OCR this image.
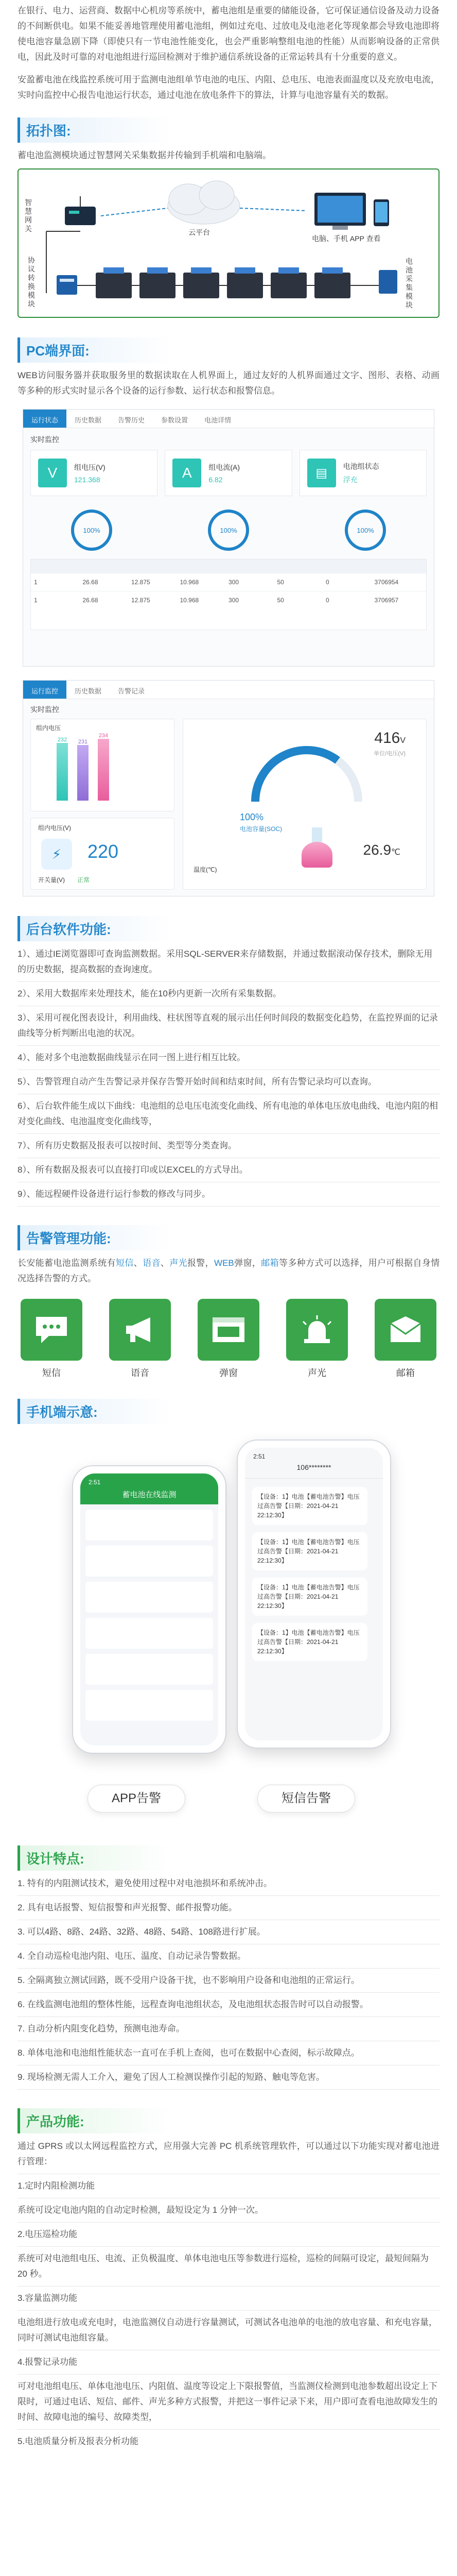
在银行、电力、运营商、数据中心机房等系统中，蓄电池组是重要的储能设备，它可保证通信设备及动力设备的不间断供电。如果不能妥善地管理使用蓄电池组，例如过充电、过放电及电池老化等现象都会导致电池即将使电池容量急剧下降（即使只有一节电池性能变化，也会严重影响整组电池的性能）从而影响设备的正常供电，因此及时可靠的对电池组进行巡回检测对于维护通信系统设备的正常运转具有十分重要的意义。

安盈蓄电池在线监控系统可用于监测电池组单节电池的电压、内阻、总电压、电池表面温度以及充放电电流，实时向监控中心报告电池运行状态，通过电池在放电条件下的算法，计算与电池容量有关的数据。

拓扑图:

蓄电池监测模块通过智慧网关采集数据并传输到手机端和电脑端。

云平台
电脑、手机 APP 查看
智慧网关
协议转换模块
电池采集模块
PC端界面:

WEB访问服务器并获取服务里的数据读取在人机界面上，通过友好的人机界面通过文字、图形、表格、动画等多种的形式实时显示各个设备的运行参数、运行状态和报警信息。

运行状态	历史数据	告警历史	参数设置	电池详情
实时监控
V	组电压(V)
121.368	A	组电流(A)
6.82	▤	电池组状态
浮充
100%	100%	100%
1	26.68	12.875	10.968	300	50	0	3706954
1	26.68	12.875	10.968	300	50	0	3706957
运行监控	历史数据	告警记录
实时监控
组内电压
232 231
234
组内电压(V)
⚡	220
开关量(V) 正常
416V
单位/电压(V)
100%
电池容量(SOC)
温度(℃)
26.9℃
后台软件功能:
1）、通过IE浏览器即可查询监测数据。采用SQL-SERVER来存储数据，并通过数据滚动保存技术，删除无用的历史数据，提高数据的查询速度。
2）、采用大数据库来处理技术，能在10秒内更新一次所有采集数据。
3）、采用可视化图表设计，利用曲线、柱状图等直观的展示出任何时间段的数据变化趋势，在监控界面的记录曲线等分析判断出电池的状况。
4）、能对多个电池数据曲线显示在同一图上进行相互比较。
5）、告警管理自动产生告警记录并保存告警开始时间和结束时间，所有告警记录均可以查询。
6）、后台软件能生成以下曲线：电池组的总电压电流变化曲线、所有电池的单体电压放电曲线、电池内阻的相对变化曲线、电池温度变化曲线等，
7）、所有历史数据及报表可以按时间、类型等分类查询。
8）、所有数据及报表可以直接打印或以EXCEL的方式导出。
9）、能远程硬件设备进行运行参数的修改与同步。
告警管理功能:

长安能蓄电池监测系统有短信、语音、声光报警，WEB弹窗，邮箱等多种方式可以选择，用户可根据自身情况选择告警的方式。

短信	语音	弹窗	声光	邮箱
手机端示意:
2:51
蓄电池在线监测
2:51
106********
【设备：1】电池【蓄电池告警】电压过高告警【日期：2021-04-21 22:12:30】
【设备：1】电池【蓄电池告警】电压过高告警【日期：2021-04-21 22:12:30】
【设备：1】电池【蓄电池告警】电压过高告警【日期：2021-04-21 22:12:30】
【设备：1】电池【蓄电池告警】电压过高告警【日期：2021-04-21 22:12:30】
APP告警	短信告警
设计特点:
1. 特有的内阻测试技术，避免使用过程中对电池损坏和系统冲击。
2. 具有电话报警、短信报警和声光报警、邮件报警功能。
3. 可以4路、8路、24路、32路、48路、54路、108路进行扩展。
4. 全自动巡检电池内阻、电压、温度、自动记录告警数据。
5. 全隔离独立测试回路，既不受用户设备干扰，也不影响用户设备和电池组的正常运行。
6. 在线监测电池组的整体性能，远程查询电池组状态，及电池组状态报告时可以自动报警。
7. 自动分析内阻变化趋势，预测电池寿命。
8. 单体电池和电池组性能状态一直可在手机上查阅，也可在数据中心查阅，标示故障点。
9. 现场检测无需人工介入，避免了因人工检测误操作引起的短路、触电等危害。
产品功能:

通过 GPRS 或以太网远程监控方式，应用强大完善 PC 机系统管理软件，可以通过以下功能实现对蓄电池进行管理：

1.定时内阻检测功能
系统可设定电池内阻的自动定时检测，最短设定为 1 分钟一次。
2.电压巡检功能
系统可对电池组电压、电流、正负极温度、单体电池电压等参数进行巡检，巡检的间隔可设定，最短间隔为 20 秒。
3.容量监测功能
电池组进行放电或充电时，电池监测仪自动进行容量测试，可测试各电池单的电池的放电容量、和充电容量，同时可测试电池组容量。
4.报警记录功能
可对电池组电压、单体电池电压、内阻值、温度等设定上下限报警值，当监测仪检测到电池参数超出设定上下限时，可通过电话、短信、邮件、声光多种方式报警，并把这一事件记录下来，用户即可查看电池故障发生的时间、故障电池的编号、故障类型，
5.电池质量分析及报表分析功能
